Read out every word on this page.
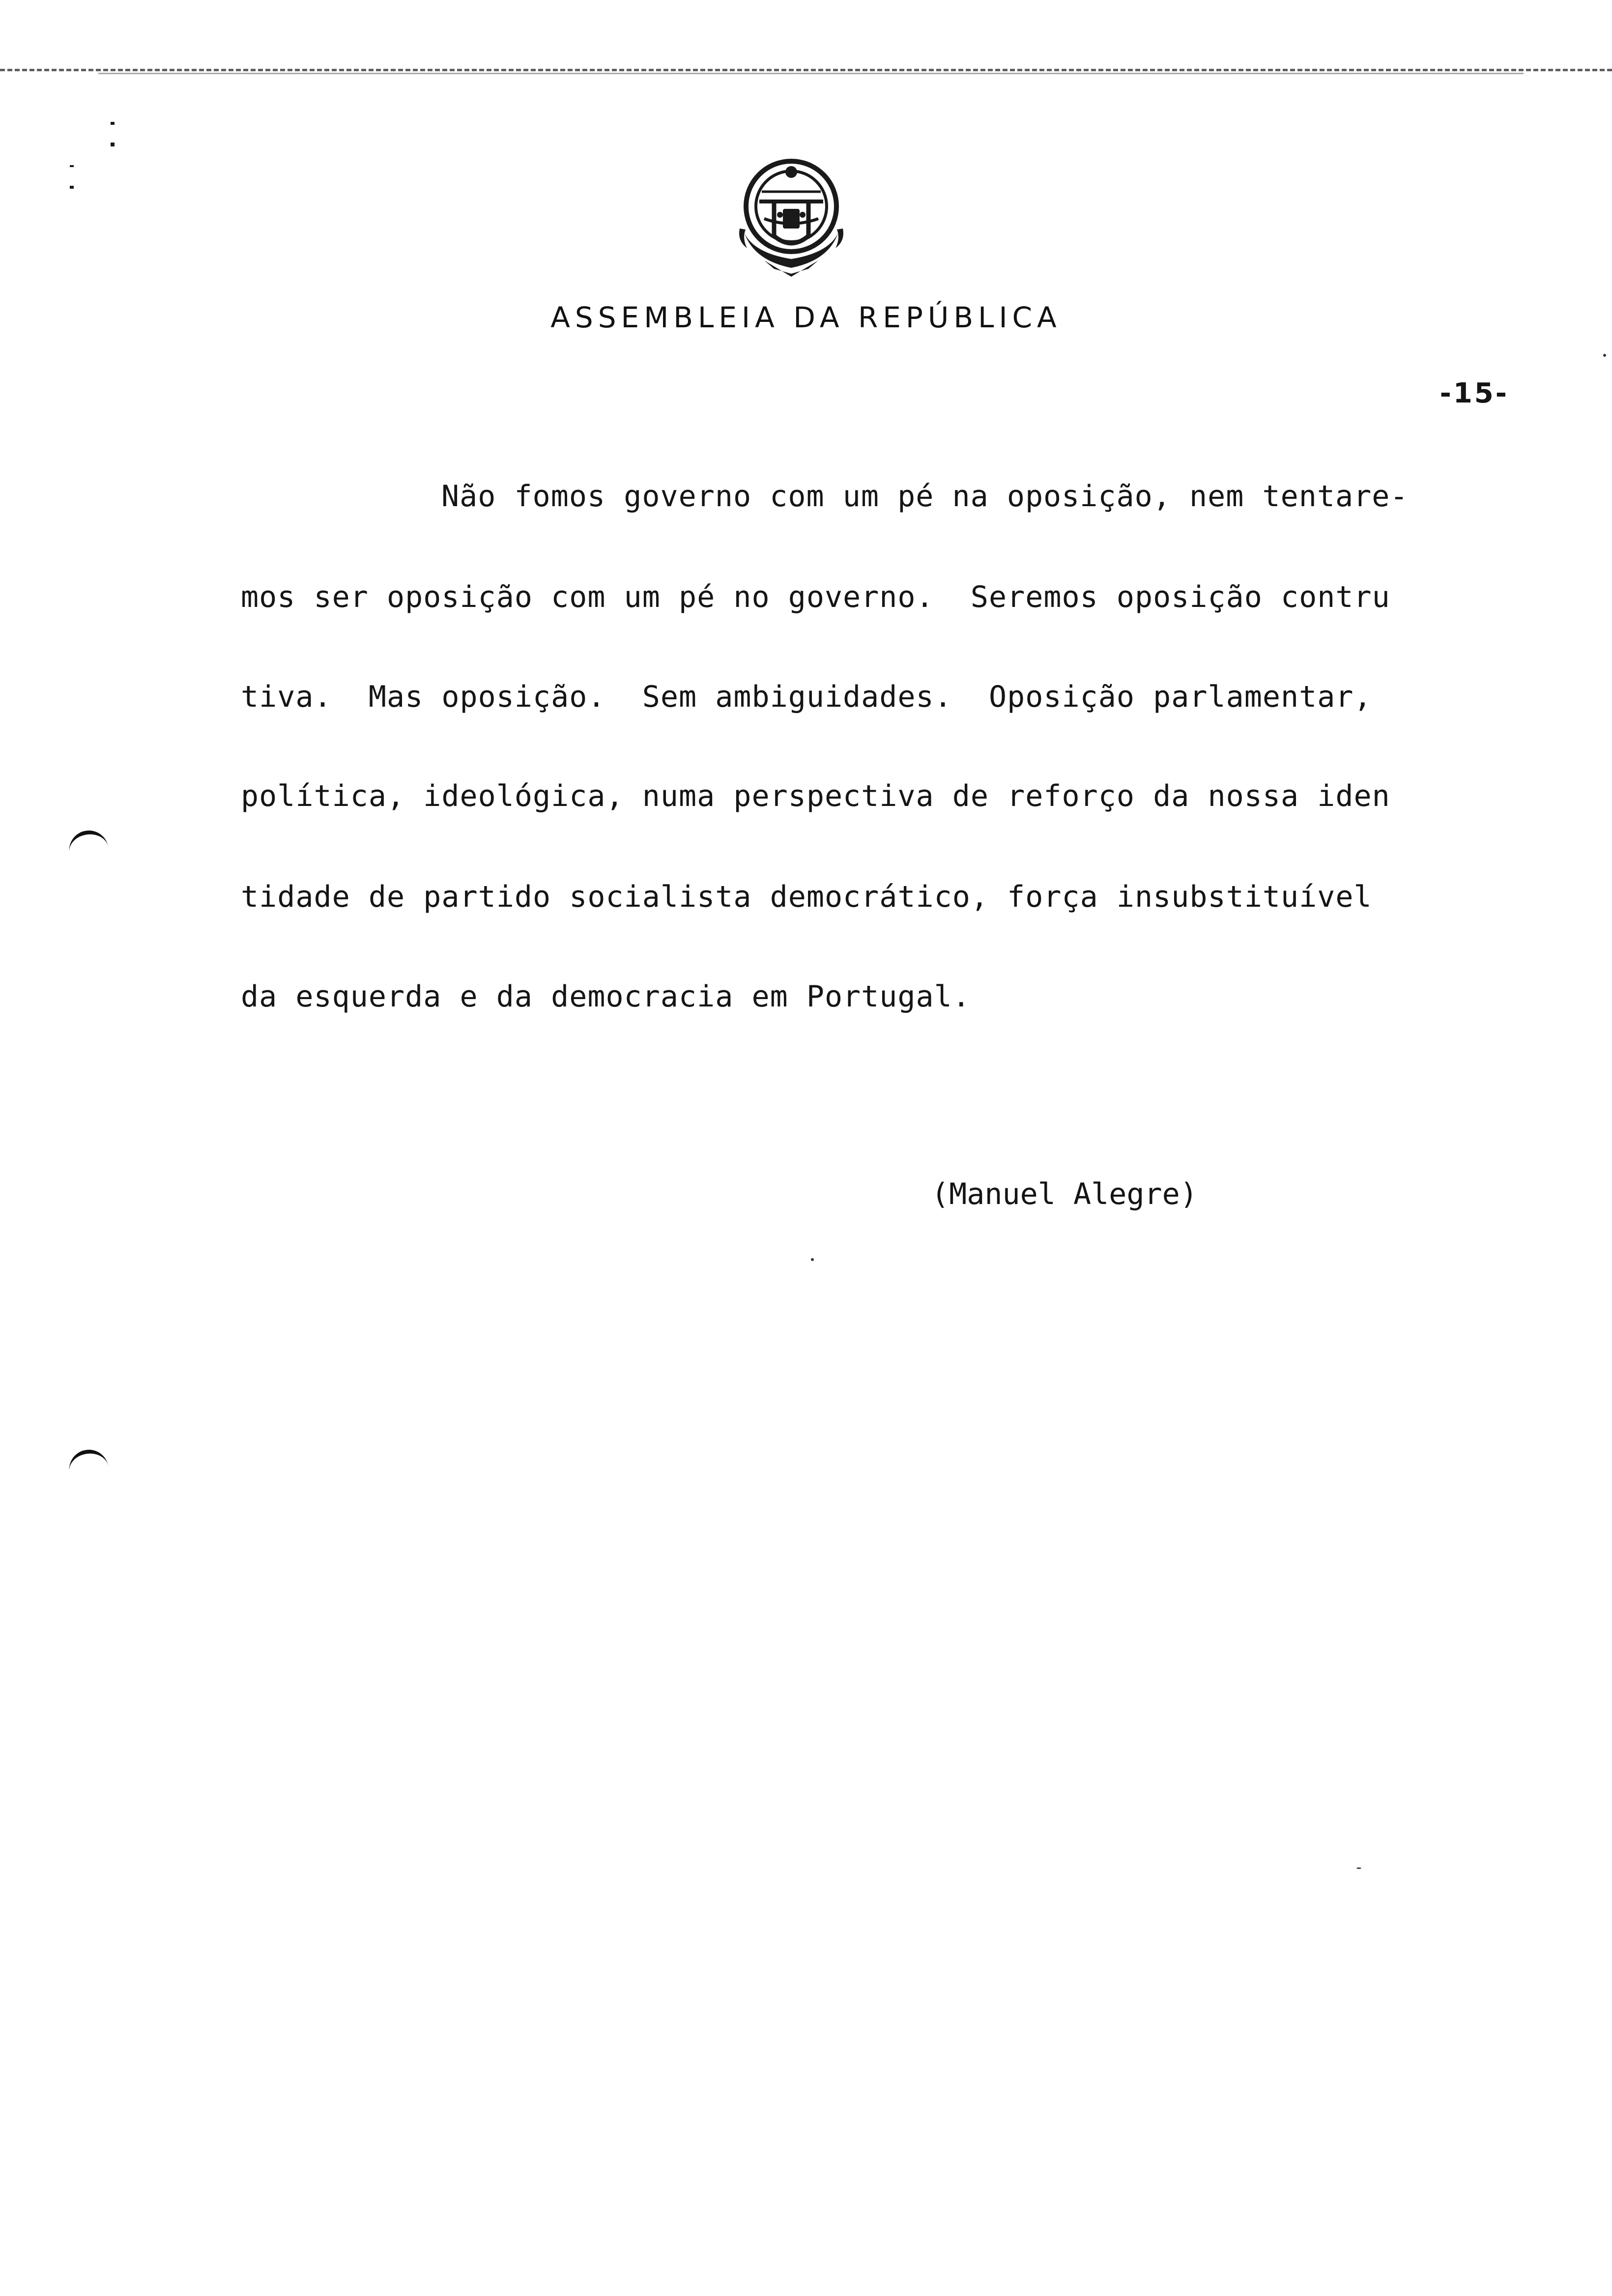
ASSEMBLEIA DA REPÚBLICA
-15-
Não fomos governo com um pé na oposição, nem tentare-
mos ser oposição com um pé no governo.  Seremos oposição contru
tiva.  Mas oposição.  Sem ambiguidades.  Oposição parlamentar,
política, ideológica, numa perspectiva de reforço da nossa iden
tidade de partido socialista democrático, força insubstituível
da esquerda e da democracia em Portugal.
(Manuel Alegre)
